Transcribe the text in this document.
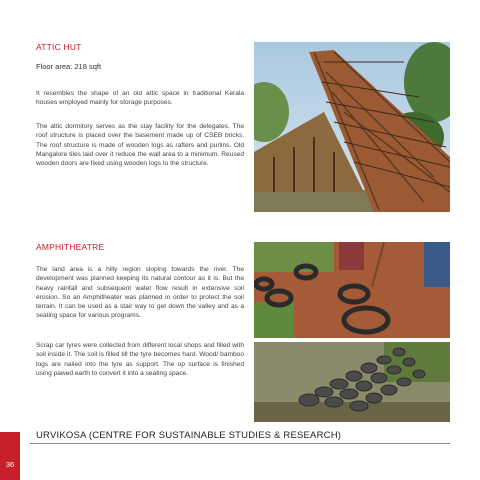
ATTIC HUT
Floor area: 218 sqft

It resembles the shape of an old attic space in traditional Kerala houses employed mainly for storage purposes.

The attic dormitory serves as the stay facility for the delegates. The roof structure is placed over the basement made up of CSEB bricks. The roof structure is made of wooden logs as rafters and purlins. Old Mangalore tiles laid over it reduce the wall area to a minimum. Reused wooden doors are fixed using wooden logs to the structure.

AMPHITHEATRE

The land area is a hilly region sloping towards the river. The development was planned keeping its natural contour as it is. But the heavy rainfall and subsequent water flow result in extensive soil erosion. So an Amphitheater was planned in order to protect the soil terrain. It can be used as a stair way to get down the valley and as a seating space for various programs.

Scrap car tyres were collected from different local shops and filled with soil inside it. The soil is filled till the tyre becomes hard. Wood/ bamboo logs are nailed into the tyre as support. The op surface is finished using pawed earth to convert it into a seating space.

URVIKOSA (CENTRE FOR SUSTAINABLE STUDIES & RESEARCH)
36
